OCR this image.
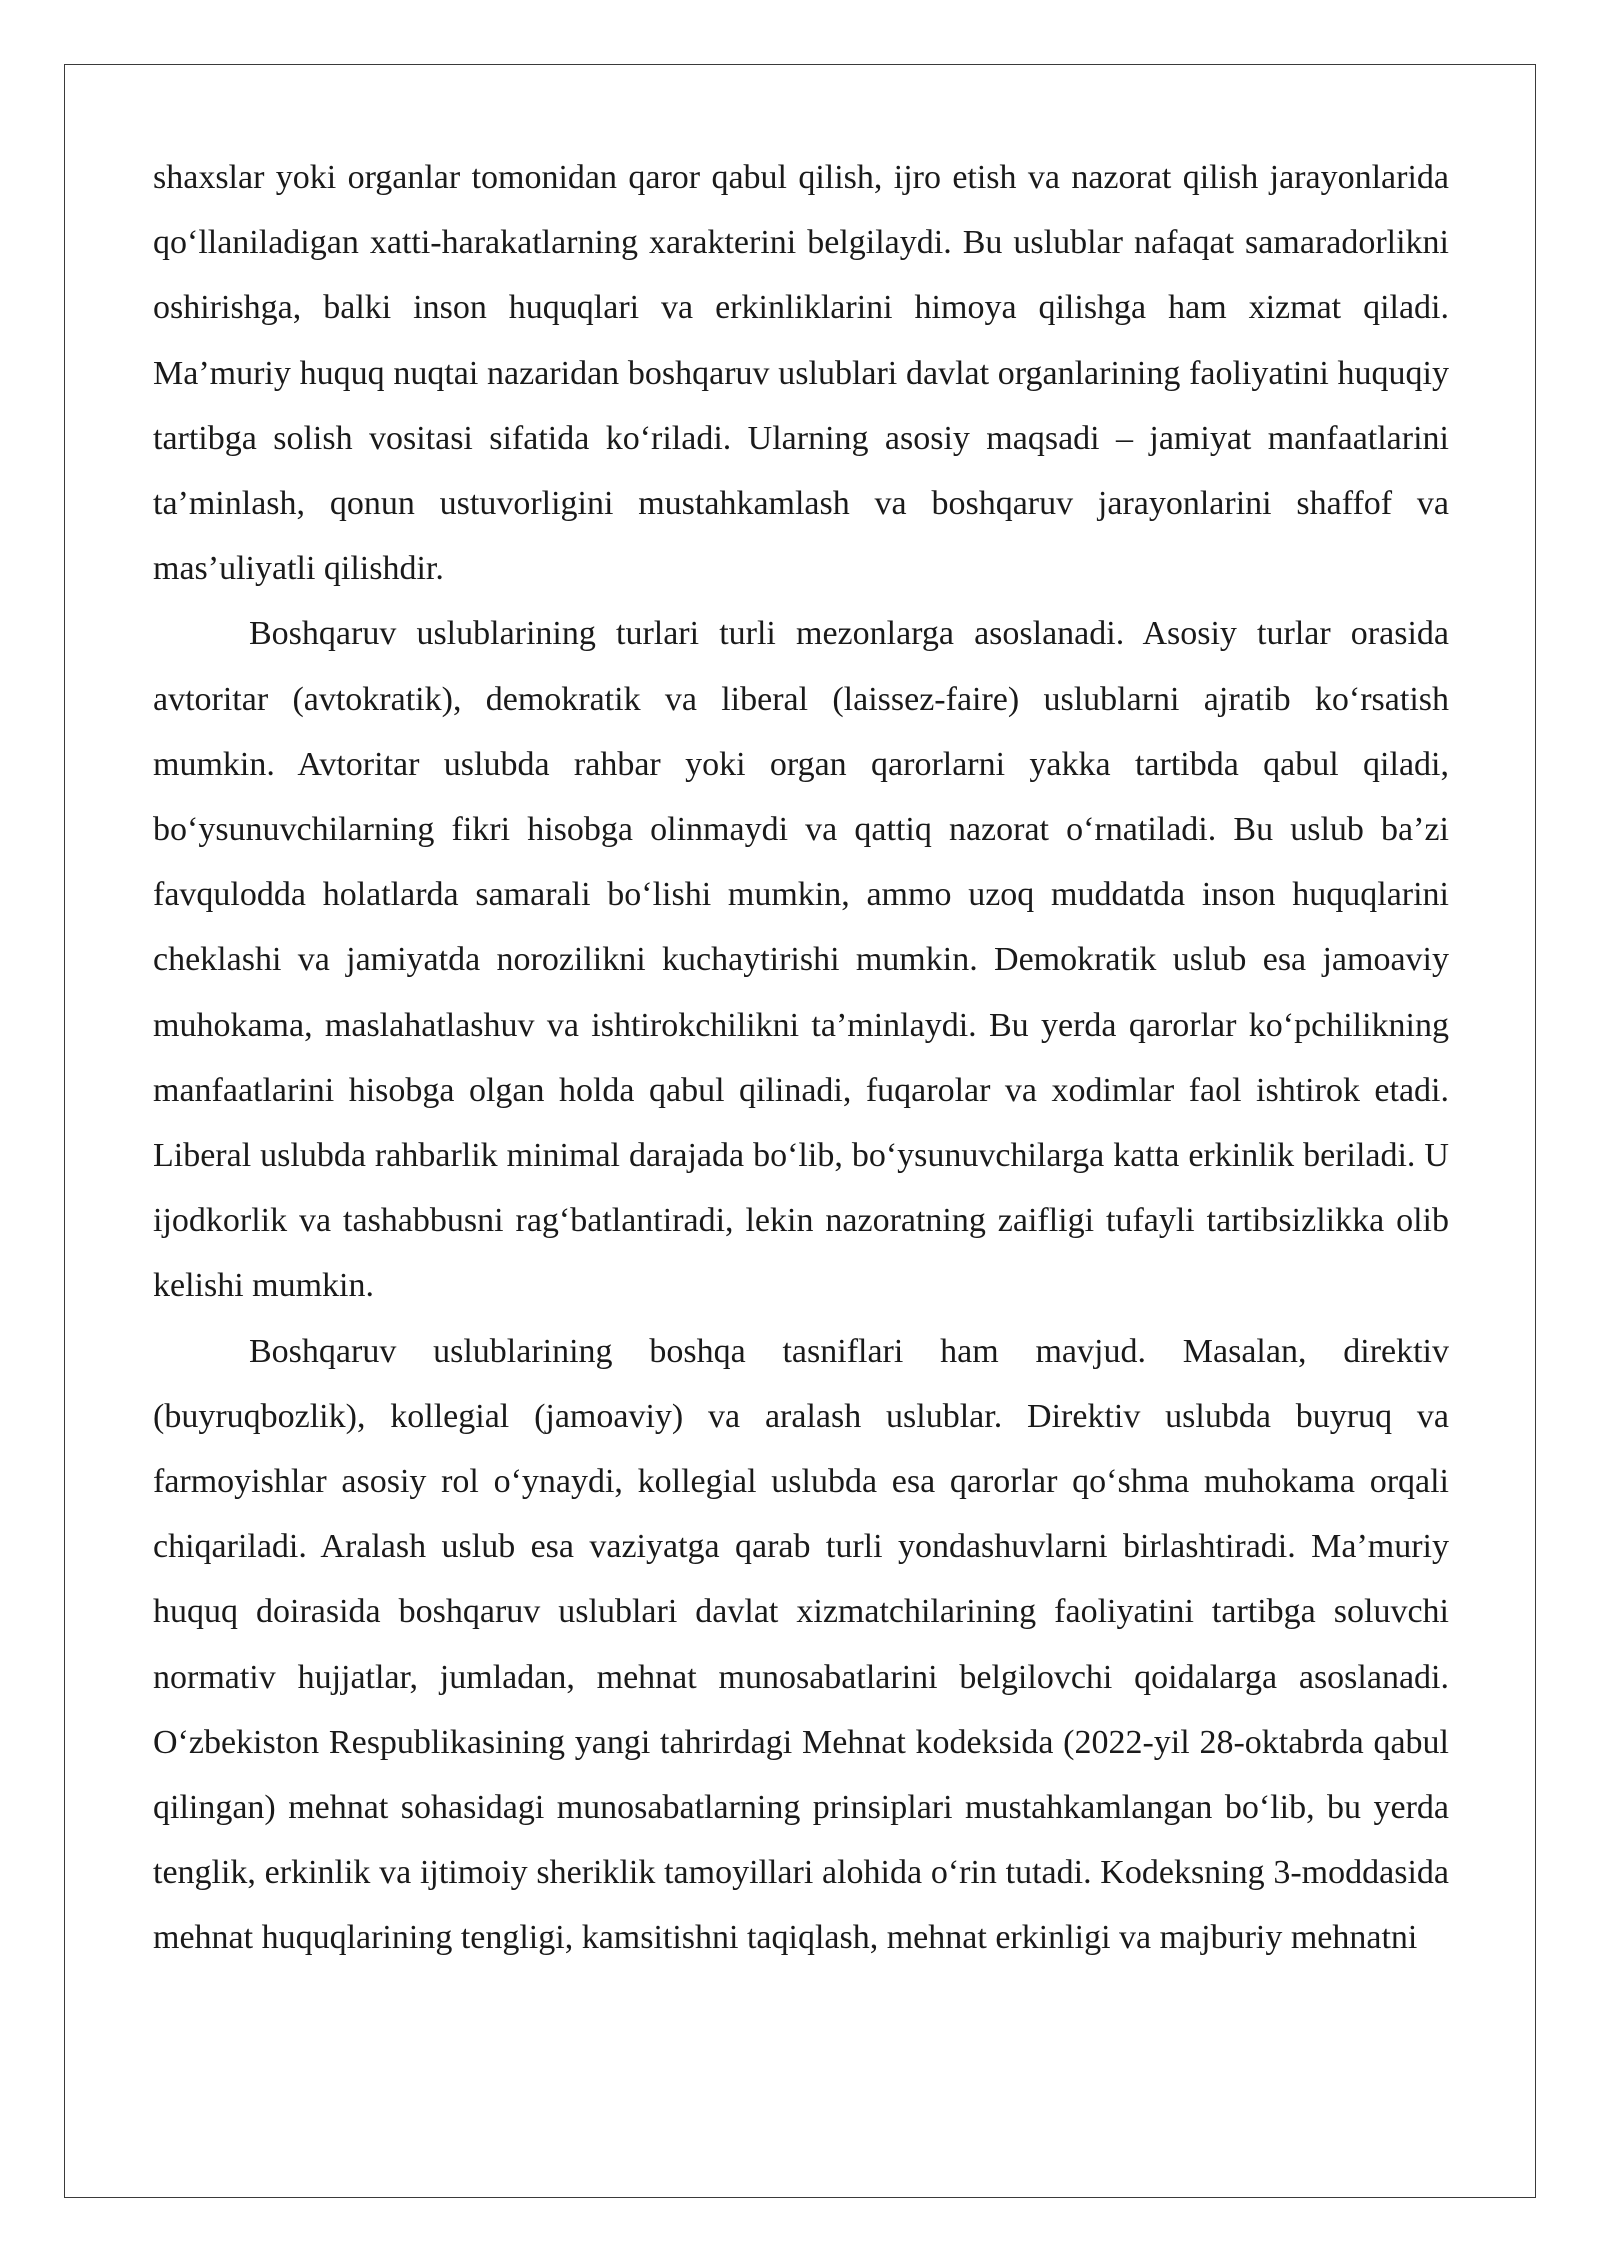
shaxslar yoki organlar tomonidan qaror qabul qilish, ijro etish va nazorat qilish jarayonlarida qo‘llaniladigan xatti-harakatlarning xarakterini belgilaydi. Bu uslublar nafaqat samaradorlikni oshirishga, balki inson huquqlari va erkinliklarini himoya qilishga ham xizmat qiladi. Ma’muriy huquq nuqtai nazaridan boshqaruv uslublari davlat organlarining faoliyatini huquqiy tartibga solish vositasi sifatida ko‘riladi. Ularning asosiy maqsadi – jamiyat manfaatlarini ta’minlash, qonun ustuvorligini mustahkamlash va boshqaruv jarayonlarini shaffof va mas’uliyatli qilishdir.

Boshqaruv uslublarining turlari turli mezonlarga asoslanadi. Asosiy turlar orasida avtoritar (avtokratik), demokratik va liberal (laissez-faire) uslublarni ajratib ko‘rsatish mumkin. Avtoritar uslubda rahbar yoki organ qarorlarni yakka tartibda qabul qiladi, bo‘ysunuvchilarning fikri hisobga olinmaydi va qattiq nazorat o‘rnatiladi. Bu uslub ba’zi favqulodda holatlarda samarali bo‘lishi mumkin, ammo uzoq muddatda inson huquqlarini cheklashi va jamiyatda norozilikni kuchaytirishi mumkin. Demokratik uslub esa jamoaviy muhokama, maslahatlashuv va ishtirokchilikni ta’minlaydi. Bu yerda qarorlar ko‘pchilikning manfaatlarini hisobga olgan holda qabul qilinadi, fuqarolar va xodimlar faol ishtirok etadi. Liberal uslubda rahbarlik minimal darajada bo‘lib, bo‘ysunuvchilarga katta erkinlik beriladi. U ijodkorlik va tashabbusni rag‘batlantiradi, lekin nazoratning zaifligi tufayli tartibsizlikka olib kelishi mumkin.

Boshqaruv uslublarining boshqa tasniflari ham mavjud. Masalan, direktiv (buyruqbozlik), kollegial (jamoaviy) va aralash uslublar. Direktiv uslubda buyruq va farmoyishlar asosiy rol o‘ynaydi, kollegial uslubda esa qarorlar qo‘shma muhokama orqali chiqariladi. Aralash uslub esa vaziyatga qarab turli yondashuvlarni birlashtiradi. Ma’muriy huquq doirasida boshqaruv uslublari davlat xizmatchilarining faoliyatini tartibga soluvchi normativ hujjatlar, jumladan, mehnat munosabatlarini belgilovchi qoidalarga asoslanadi. O‘zbekiston Respublikasining yangi tahrirdagi Mehnat kodeksida (2022-yil 28-oktabrda qabul qilingan) mehnat sohasidagi munosabatlarning prinsiplari mustahkamlangan bo‘lib, bu yerda tenglik, erkinlik va ijtimoiy sheriklik tamoyillari alohida o‘rin tutadi. Kodeksning 3-moddasida mehnat huquqlarining tengligi, kamsitishni taqiqlash, mehnat erkinligi va majburiy mehnatni
